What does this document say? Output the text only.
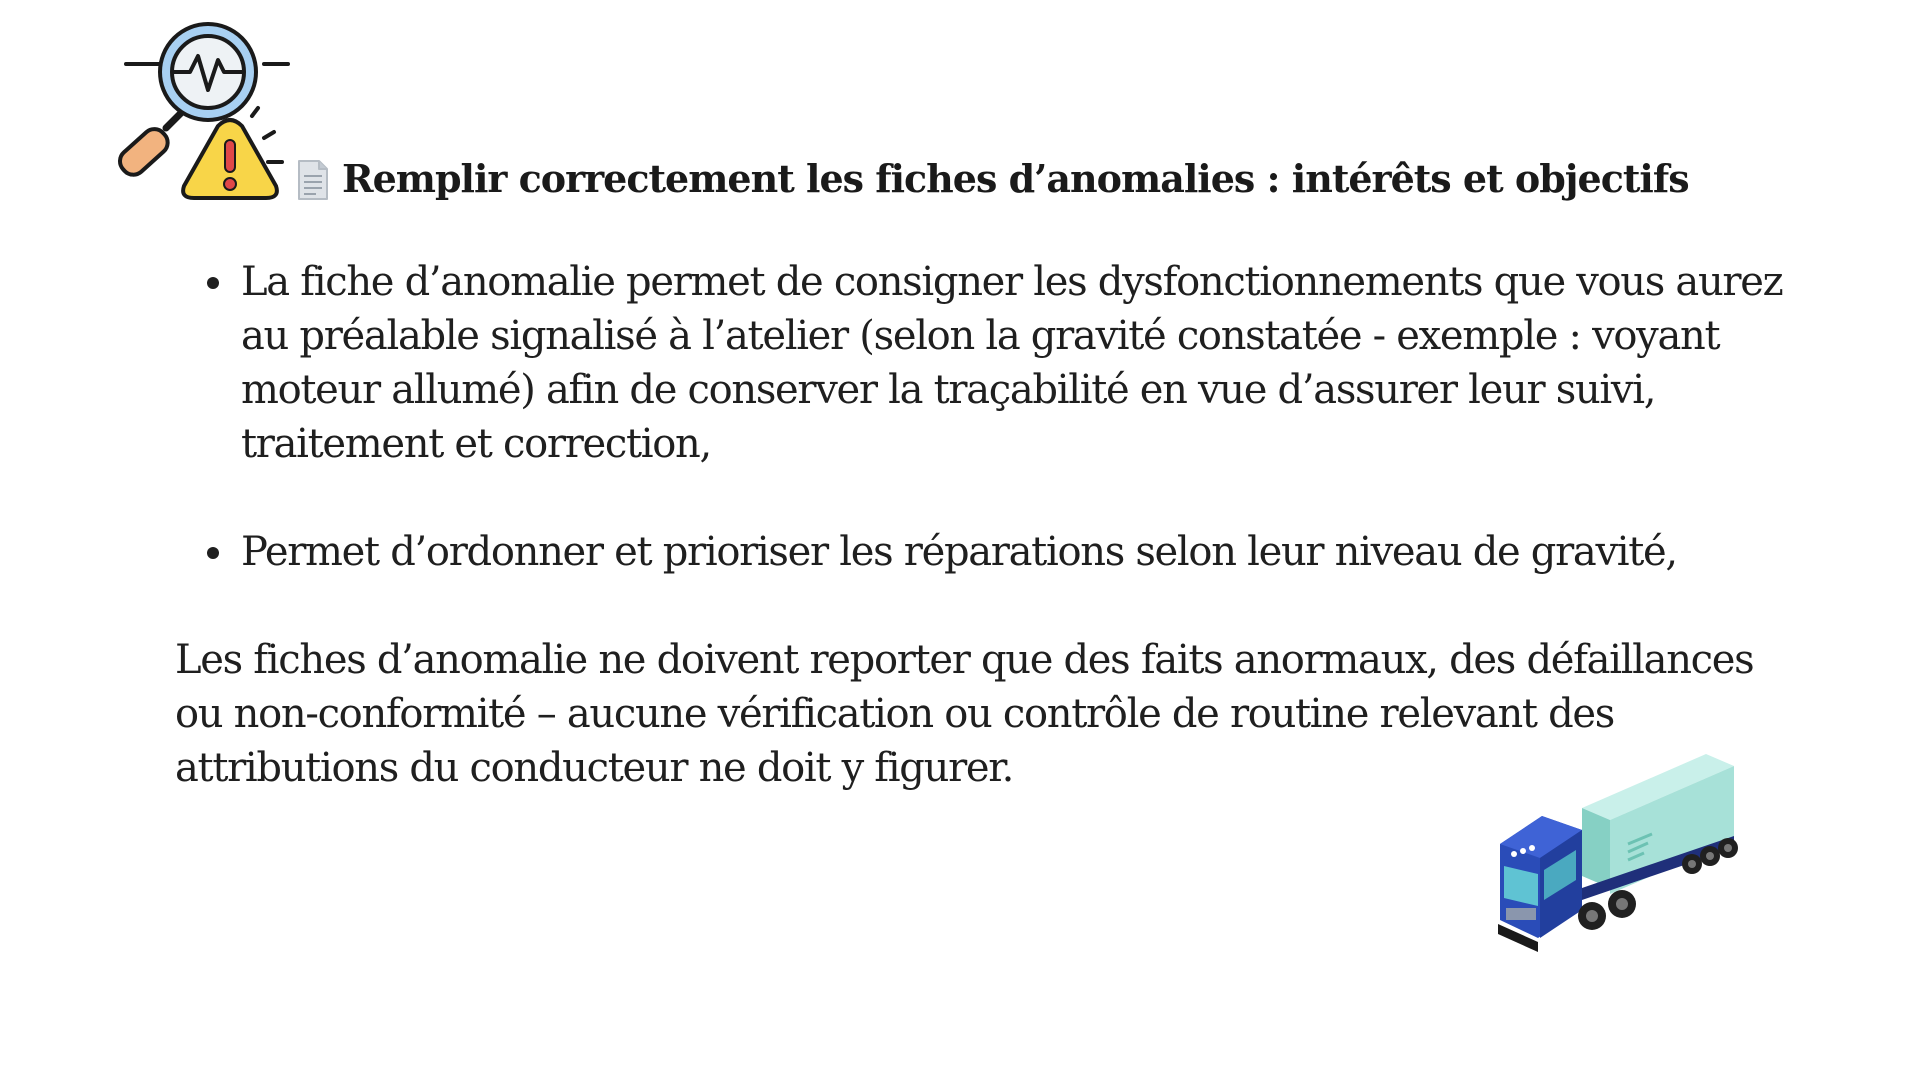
Remplir correctement les fiches d’anomalies : intérêts et objectifs
La fiche d’anomalie permet de consigner les dysfonctionnements que vous aurez au préalable signalisé à l’atelier (selon la gravité constatée - exemple : voyant moteur allumé) afin de conserver la traçabilité en vue d’assurer leur suivi, traitement et correction,
Permet d’ordonner et prioriser les réparations selon leur niveau de gravité,

Les fiches d’anomalie ne doivent reporter que des faits anormaux, des défaillances ou non-conformité – aucune vérification ou contrôle de routine relevant des attributions du conducteur ne doit y figurer.
